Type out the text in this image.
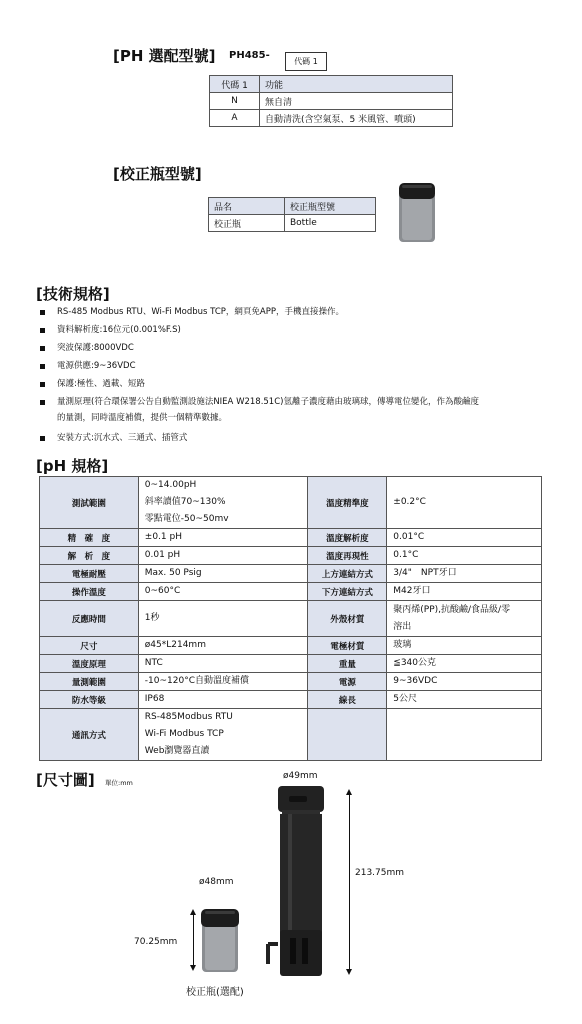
[PH 選配型號] PH485-
代碼 1
代碼 1	功能
N	無自清
A	自動清洗(含空氣泵、5 米風管、噴頭)
[校正瓶型號]
品名	校正瓶型號
校正瓶	Bottle
[技術規格]
RS-485 Modbus RTU、Wi-Fi Modbus TCP，網頁免APP，手機直接操作。
資料解析度:16位元(0.001%F.S)
突波保護:8000VDC
電源供應:9~36VDC
保護:極性、過載、短路
量測原理(符合環保署公告自動監測設施法NIEA W218.51C)氫離子濃度藉由玻璃球，傳導電位變化，作為酸鹼度
的量測，同時溫度補償，提供一個精準數據。
安裝方式:沉水式、三通式、插管式
[pH 規格]
測試範圍	0~14.00pH
斜率讀值70~130%
零點電位-50~50mv	溫度精準度	±0.2°C

精　確　度	±0.1 pH	溫度解析度	0.01°C

解　析　度	0.01 pH	溫度再現性	0.1°C

電極耐壓	Max. 50 Psig	上方連結方式	3/4"　NPT牙口

操作溫度	0~60°C	下方連結方式	M42牙口

反應時間	1秒	外殼材質	聚丙烯(PP),抗酸鹼/食品級/零
溶出

尺寸	ø45*L214mm	電極材質	玻璃

溫度原理	NTC	重量	≦340公克

量測範圍	-10~120°C自動溫度補償	電源	9~36VDC

防水等級	IP68	線長	5公尺

通訊方式	RS-485Modbus RTU
Wi-Fi Modbus TCP
Web瀏覽器直讀		

[尺寸圖] 單位:mm
ø49mm
213.75mm
ø48mm
70.25mm
校正瓶(選配)
